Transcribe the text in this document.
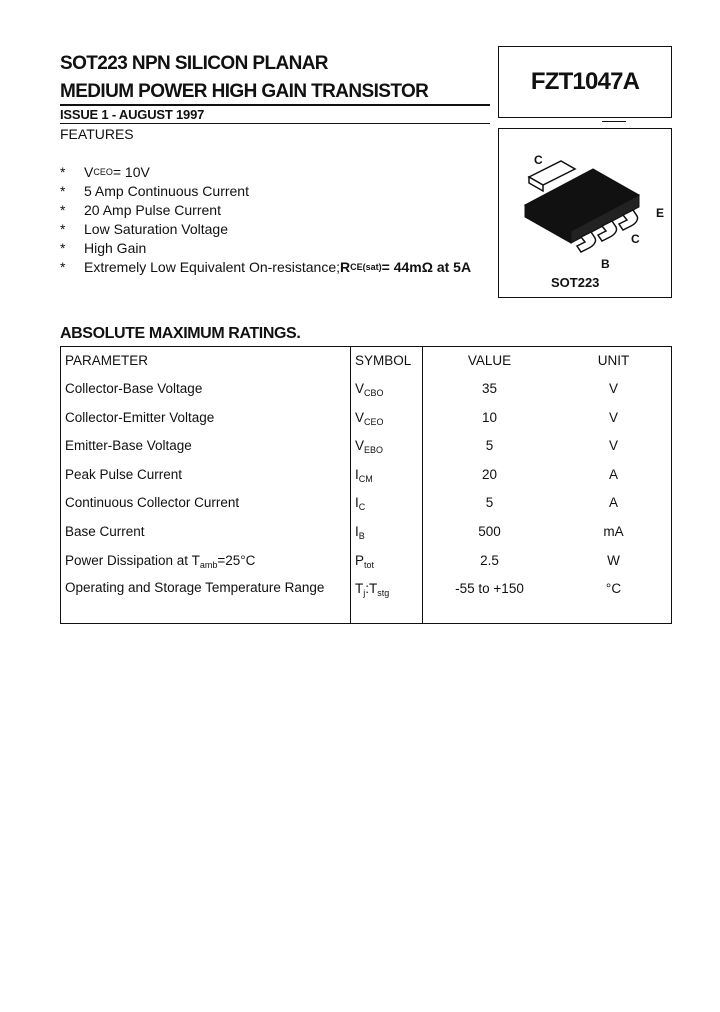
SOT223 NPN SILICON PLANAR
MEDIUM POWER HIGH GAIN TRANSISTOR
ISSUE 1 - AUGUST 1997
FZT1047A
FEATURES
*	V CEO = 10V
*	5 Amp Continuous Current
*	20 Amp Pulse Current
*	Low Saturation Voltage
*	High Gain
*	Extremely Low Equivalent On-resistance; R CE(sat) = 44mΩ at 5A
C
E
C
B
SOT223
ABSOLUTE MAXIMUM RATINGS.
PARAMETER	SYMBOL	VALUE	UNIT
Collector-Base Voltage	$V_{CBO}$	35	V
Collector-Emitter Voltage	$V_{CEO}$	10	V
Emitter-Base Voltage	$V_{EBO}$	5	V
Peak Pulse Current	$I_{CM}$	20	A
Continuous Collector Current	$I_C$	5	A
Base Current	$I_B$	500	mA
Power Dissipation at $T_{amb}=25^\circ C$	$P_{tot}$	2.5	W
Operating and Storage Temperature Range	$T_j:T_{stg}$	-55 to +150	°C
